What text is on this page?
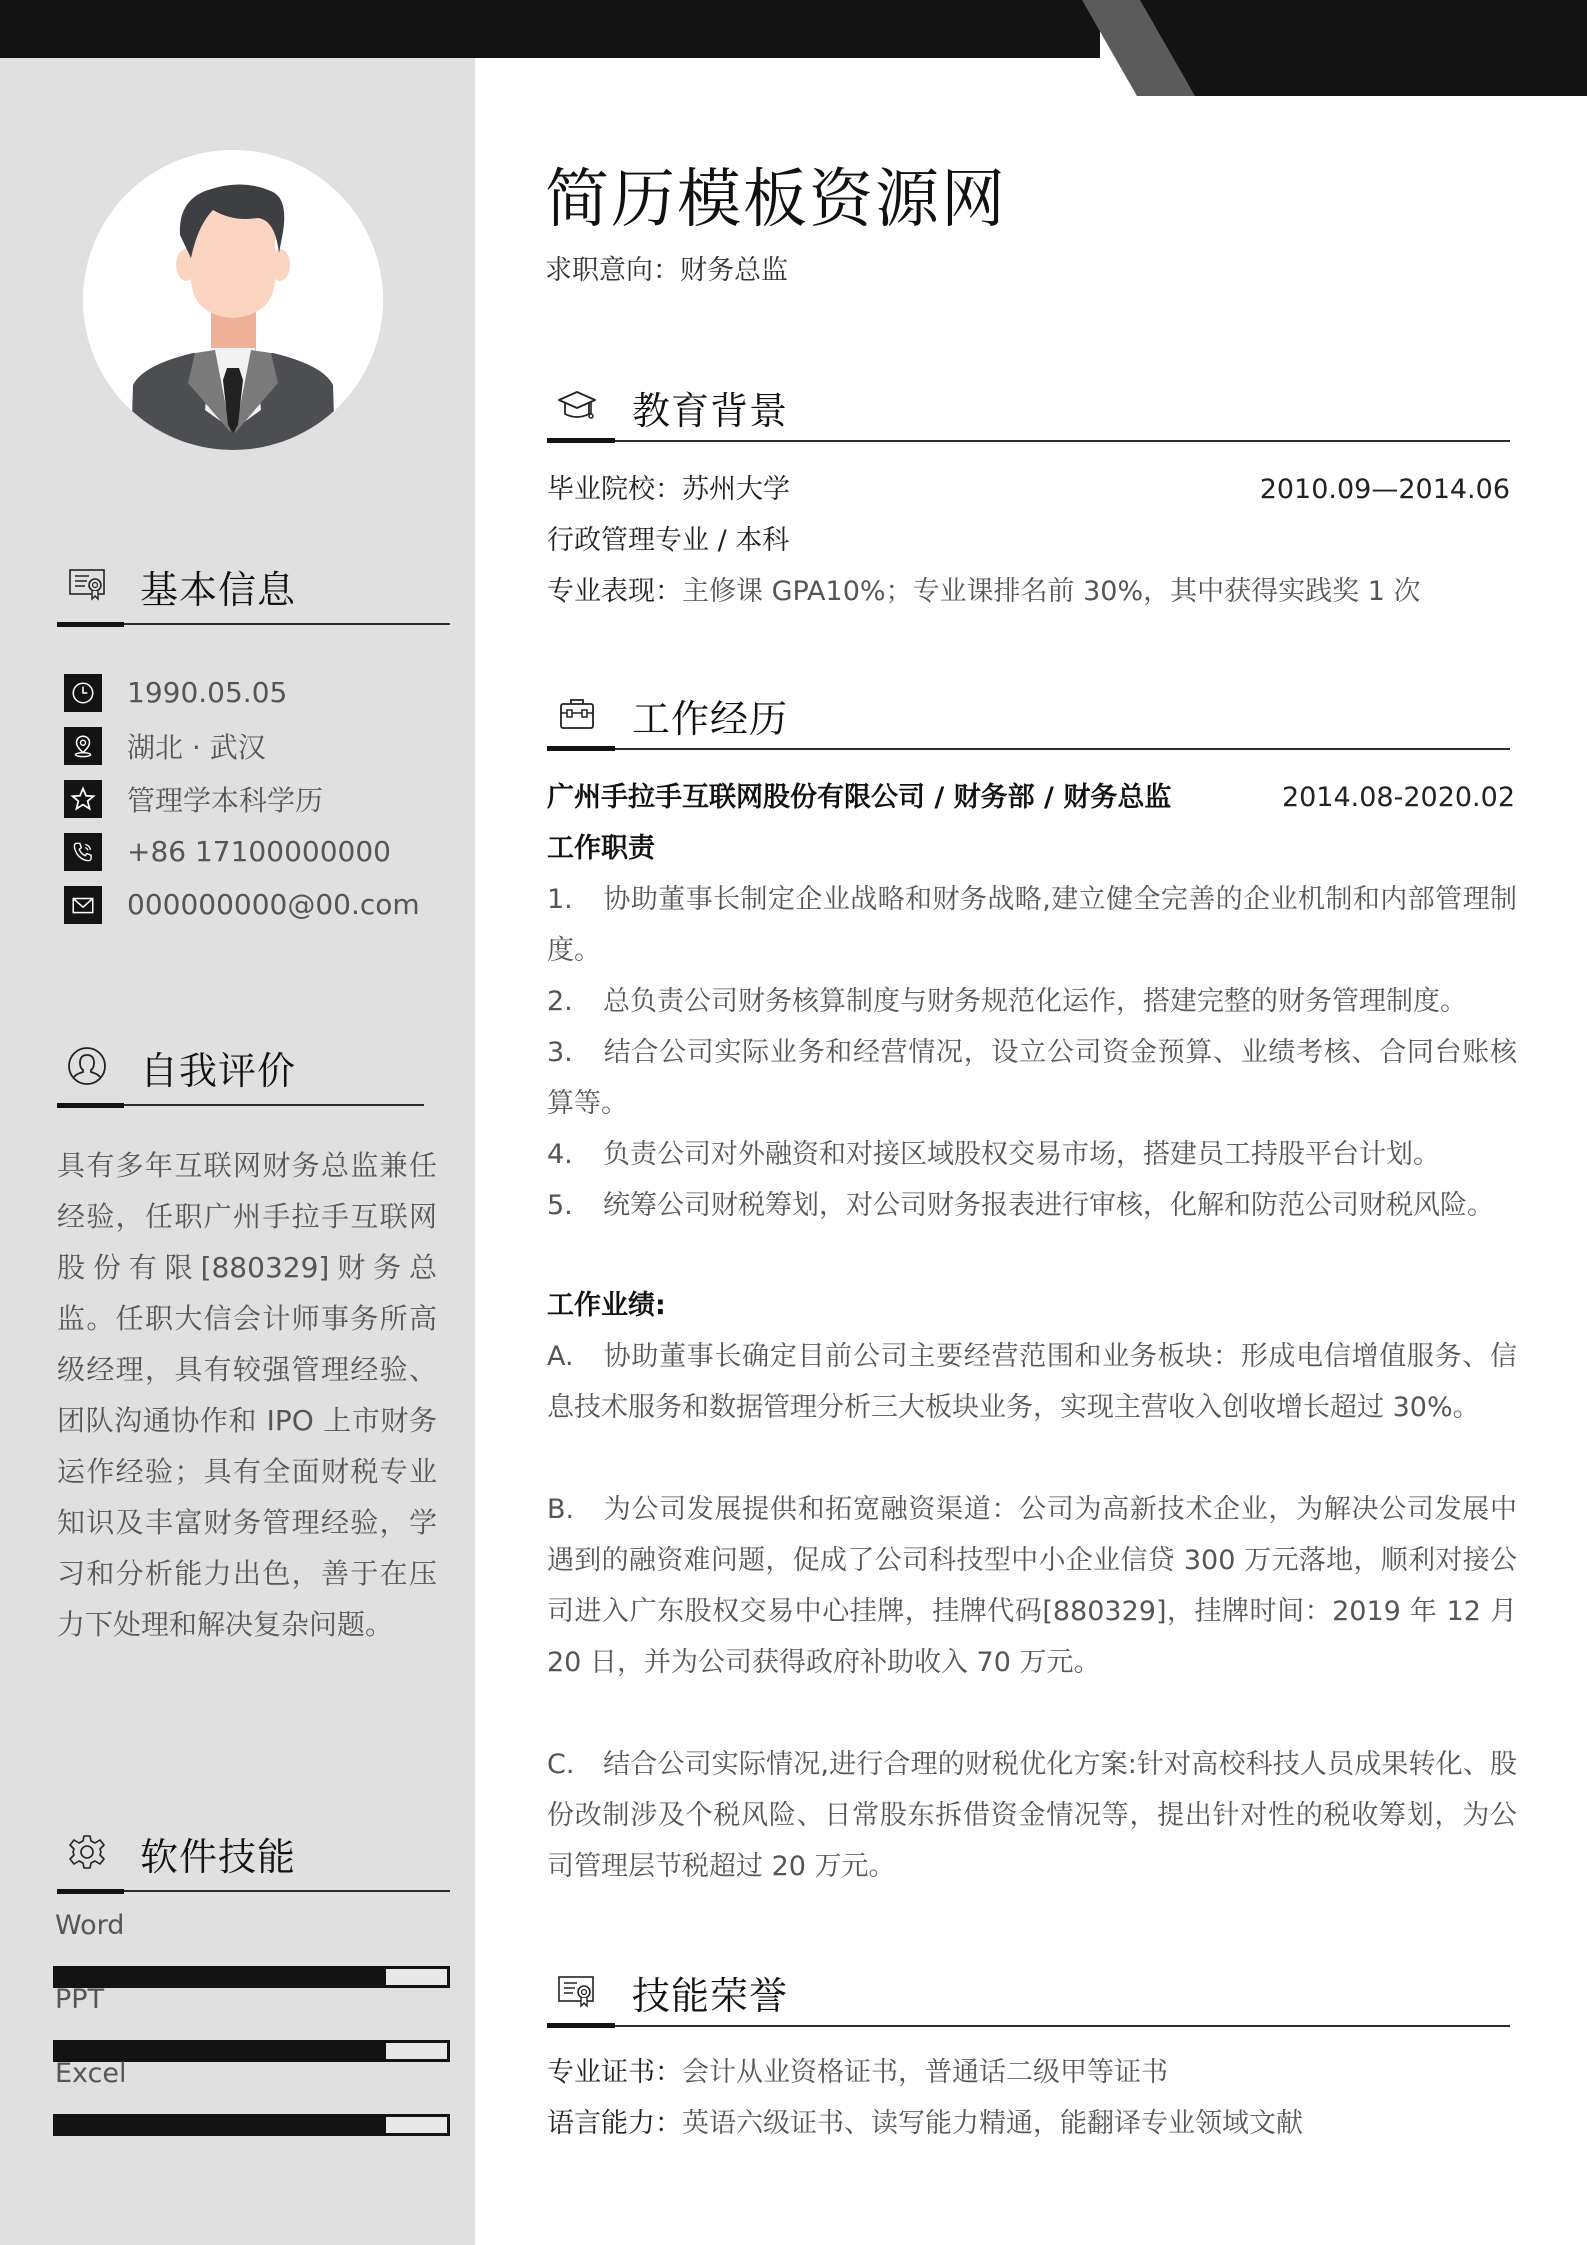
基本信息
1990.05.05
湖北 · 武汉
管理学本科学历
+86 17100000000
000000000@00.com
自我评价
具有多年互联网财务总监兼任经验，任职广州手拉手互联网股份有限[880329]财务总监。任职大信会计师事务所高级经理，具有较强管理经验、团队沟通协作和 IPO 上市财务运作经验；具有全面财税专业知识及丰富财务管理经验，学习和分析能力出色，善于在压力下处理和解决复杂问题。
软件技能
Word
PPT
Excel
简历模板资源网
求职意向：财务总监
教育背景
毕业院校：苏州大学	2010.09—2014.06
行政管理专业 / 本科
专业表现：主修课 GPA10%；专业课排名前 30%，其中获得实践奖 1 次
工作经历
广州手拉手互联网股份有限公司 / 财务部 / 财务总监	2014.08-2020.02
工作职责
1. 协助董事长制定企业战略和财务战略,建立健全完善的企业机制和内部管理制度。
2. 总负责公司财务核算制度与财务规范化运作，搭建完整的财务管理制度。
3. 结合公司实际业务和经营情况，设立公司资金预算、业绩考核、合同台账核算等。
4. 负责公司对外融资和对接区域股权交易市场，搭建员工持股平台计划。
5. 统筹公司财税筹划，对公司财务报表进行审核，化解和防范公司财税风险。
工作业绩:
A. 协助董事长确定目前公司主要经营范围和业务板块：形成电信增值服务、信息技术服务和数据管理分析三大板块业务，实现主营收入创收增长超过 30%。
B. 为公司发展提供和拓宽融资渠道：公司为高新技术企业，为解决公司发展中遇到的融资难问题，促成了公司科技型中小企业信贷 300 万元落地，顺利对接公司进入广东股权交易中心挂牌，挂牌代码[880329]，挂牌时间：2019 年 12 月 20 日，并为公司获得政府补助收入 70 万元。
C. 结合公司实际情况,进行合理的财税优化方案:针对高校科技人员成果转化、股份改制涉及个税风险、日常股东拆借资金情况等，提出针对性的税收筹划，为公司管理层节税超过 20 万元。
技能荣誉
专业证书：会计从业资格证书，普通话二级甲等证书
语言能力：英语六级证书、读写能力精通，能翻译专业领域文献
